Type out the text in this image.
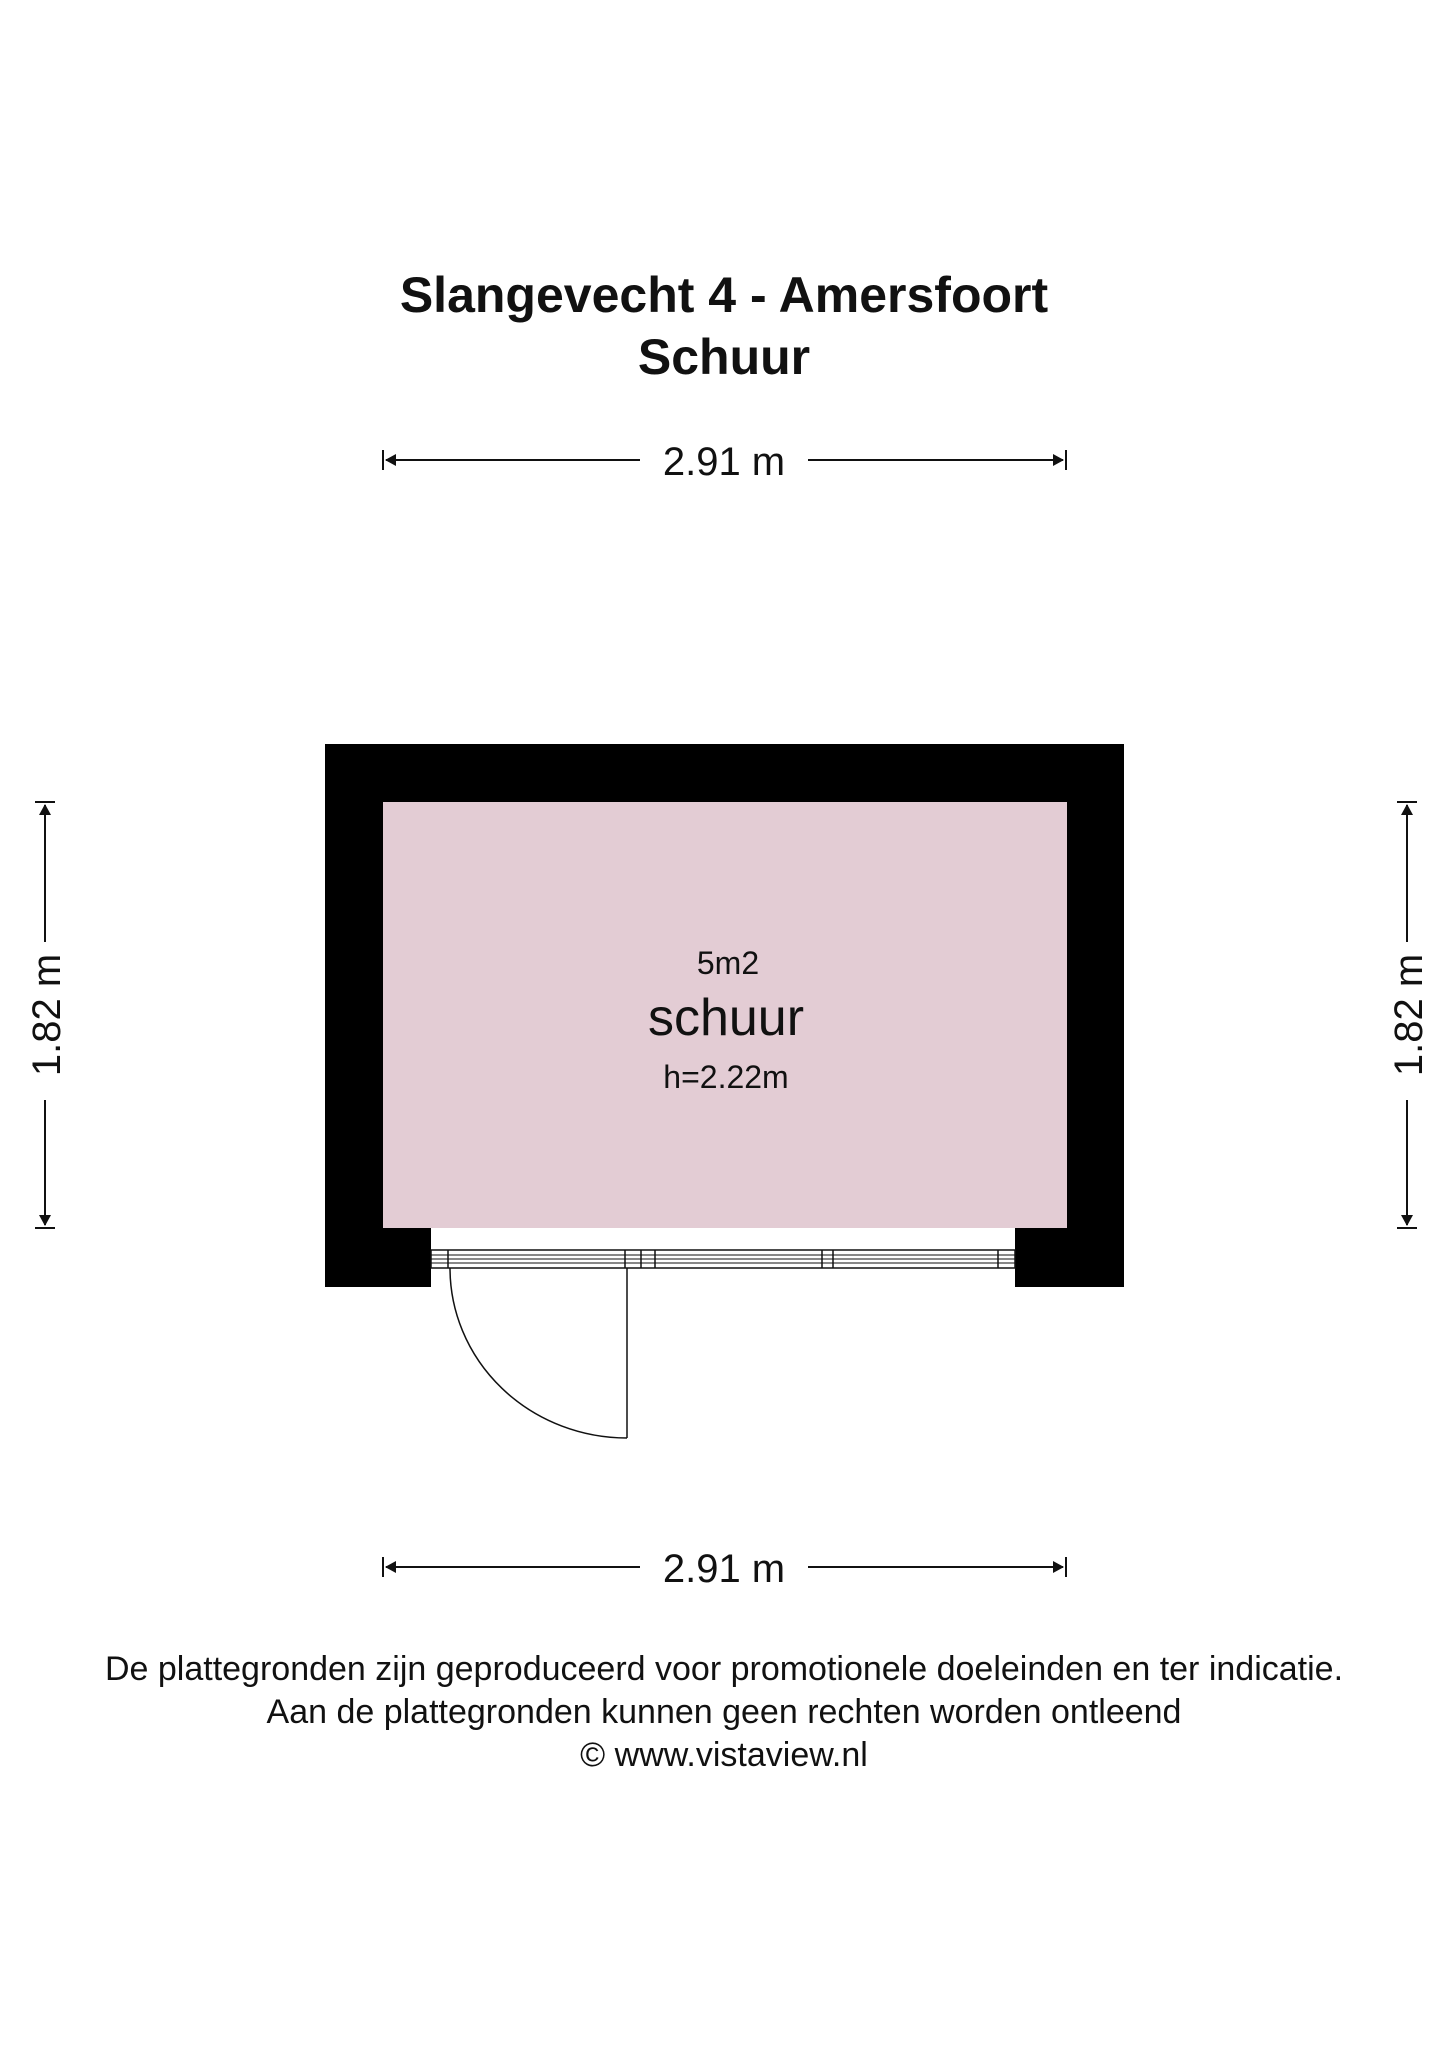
Slangevecht 4 - Amersfoort
Schuur
2.91 m
2.91 m
1.82 m	1.82 m
5m2
schuur
h=2.22m
De plattegronden zijn geproduceerd voor promotionele doeleinden en ter indicatie.
Aan de plattegronden kunnen geen rechten worden ontleend
© www.vistaview.nl
